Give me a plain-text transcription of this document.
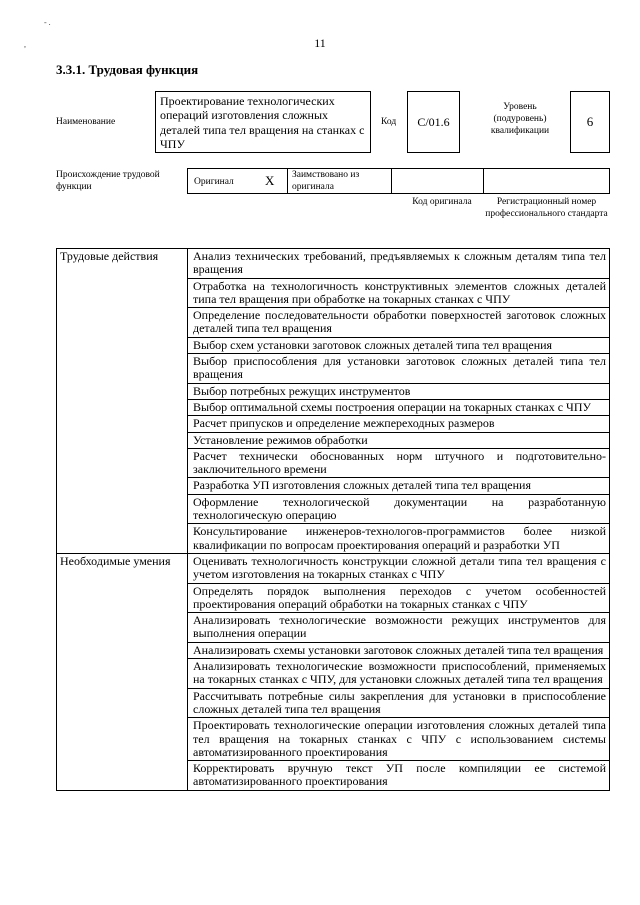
- .
,	11
3.3.1. Трудовая функция
Наименование
Проектирование технологических операций изготовления сложных деталей типа тел вращения на станках с ЧПУ
Код	С/01.6
Уровень (подуровень) квалификации
6
Происхождение трудовой функции	Оригинал X Заимствовано из оригинала
Код оригинала	Регистрационный номер профессионального стандарта
Трудовые действия	Анализ технических требований, предъявляемых к сложным деталям типа тел вращения
	Отработка на технологичность конструктивных элементов сложных деталей типа тел вращения при обработке на токарных станках с ЧПУ
	Определение последовательности обработки поверхностей заготовок сложных деталей типа тел вращения
	Выбор схем установки заготовок сложных деталей типа тел вращения
	Выбор приспособления для установки заготовок сложных деталей типа тел вращения
	Выбор потребных режущих инструментов
	Выбор оптимальной схемы построения операции на токарных станках с ЧПУ
	Расчет припусков и определение межпереходных размеров
	Установление режимов обработки
	Расчет технически обоснованных норм штучного и подготовительно-заключительного времени
	Разработка УП изготовления сложных деталей типа тел вращения
	Оформление технологической документации на разработанную технологическую операцию
	Консультирование инженеров-технологов-программистов более низкой квалификации по вопросам проектирования операций и разработки УП
Необходимые умения	Оценивать технологичность конструкции сложной детали типа тел вращения с учетом изготовления на токарных станках с ЧПУ
	Определять порядок выполнения переходов с учетом особенностей проектирования операций обработки на токарных станках с ЧПУ
	Анализировать технологические возможности режущих инструментов для выполнения операции
	Анализировать схемы установки заготовок сложных деталей типа тел вращения
	Анализировать технологические возможности приспособлений, применяемых на токарных станках с ЧПУ, для установки сложных деталей типа тел вращения
	Рассчитывать потребные силы закрепления для установки в приспособление сложных деталей типа тел вращения
	Проектировать технологические операции изготовления сложных деталей типа тел вращения на токарных станках с ЧПУ с использованием системы автоматизированного проектирования
	Корректировать вручную текст УП после компиляции ее системой автоматизированного проектирования
